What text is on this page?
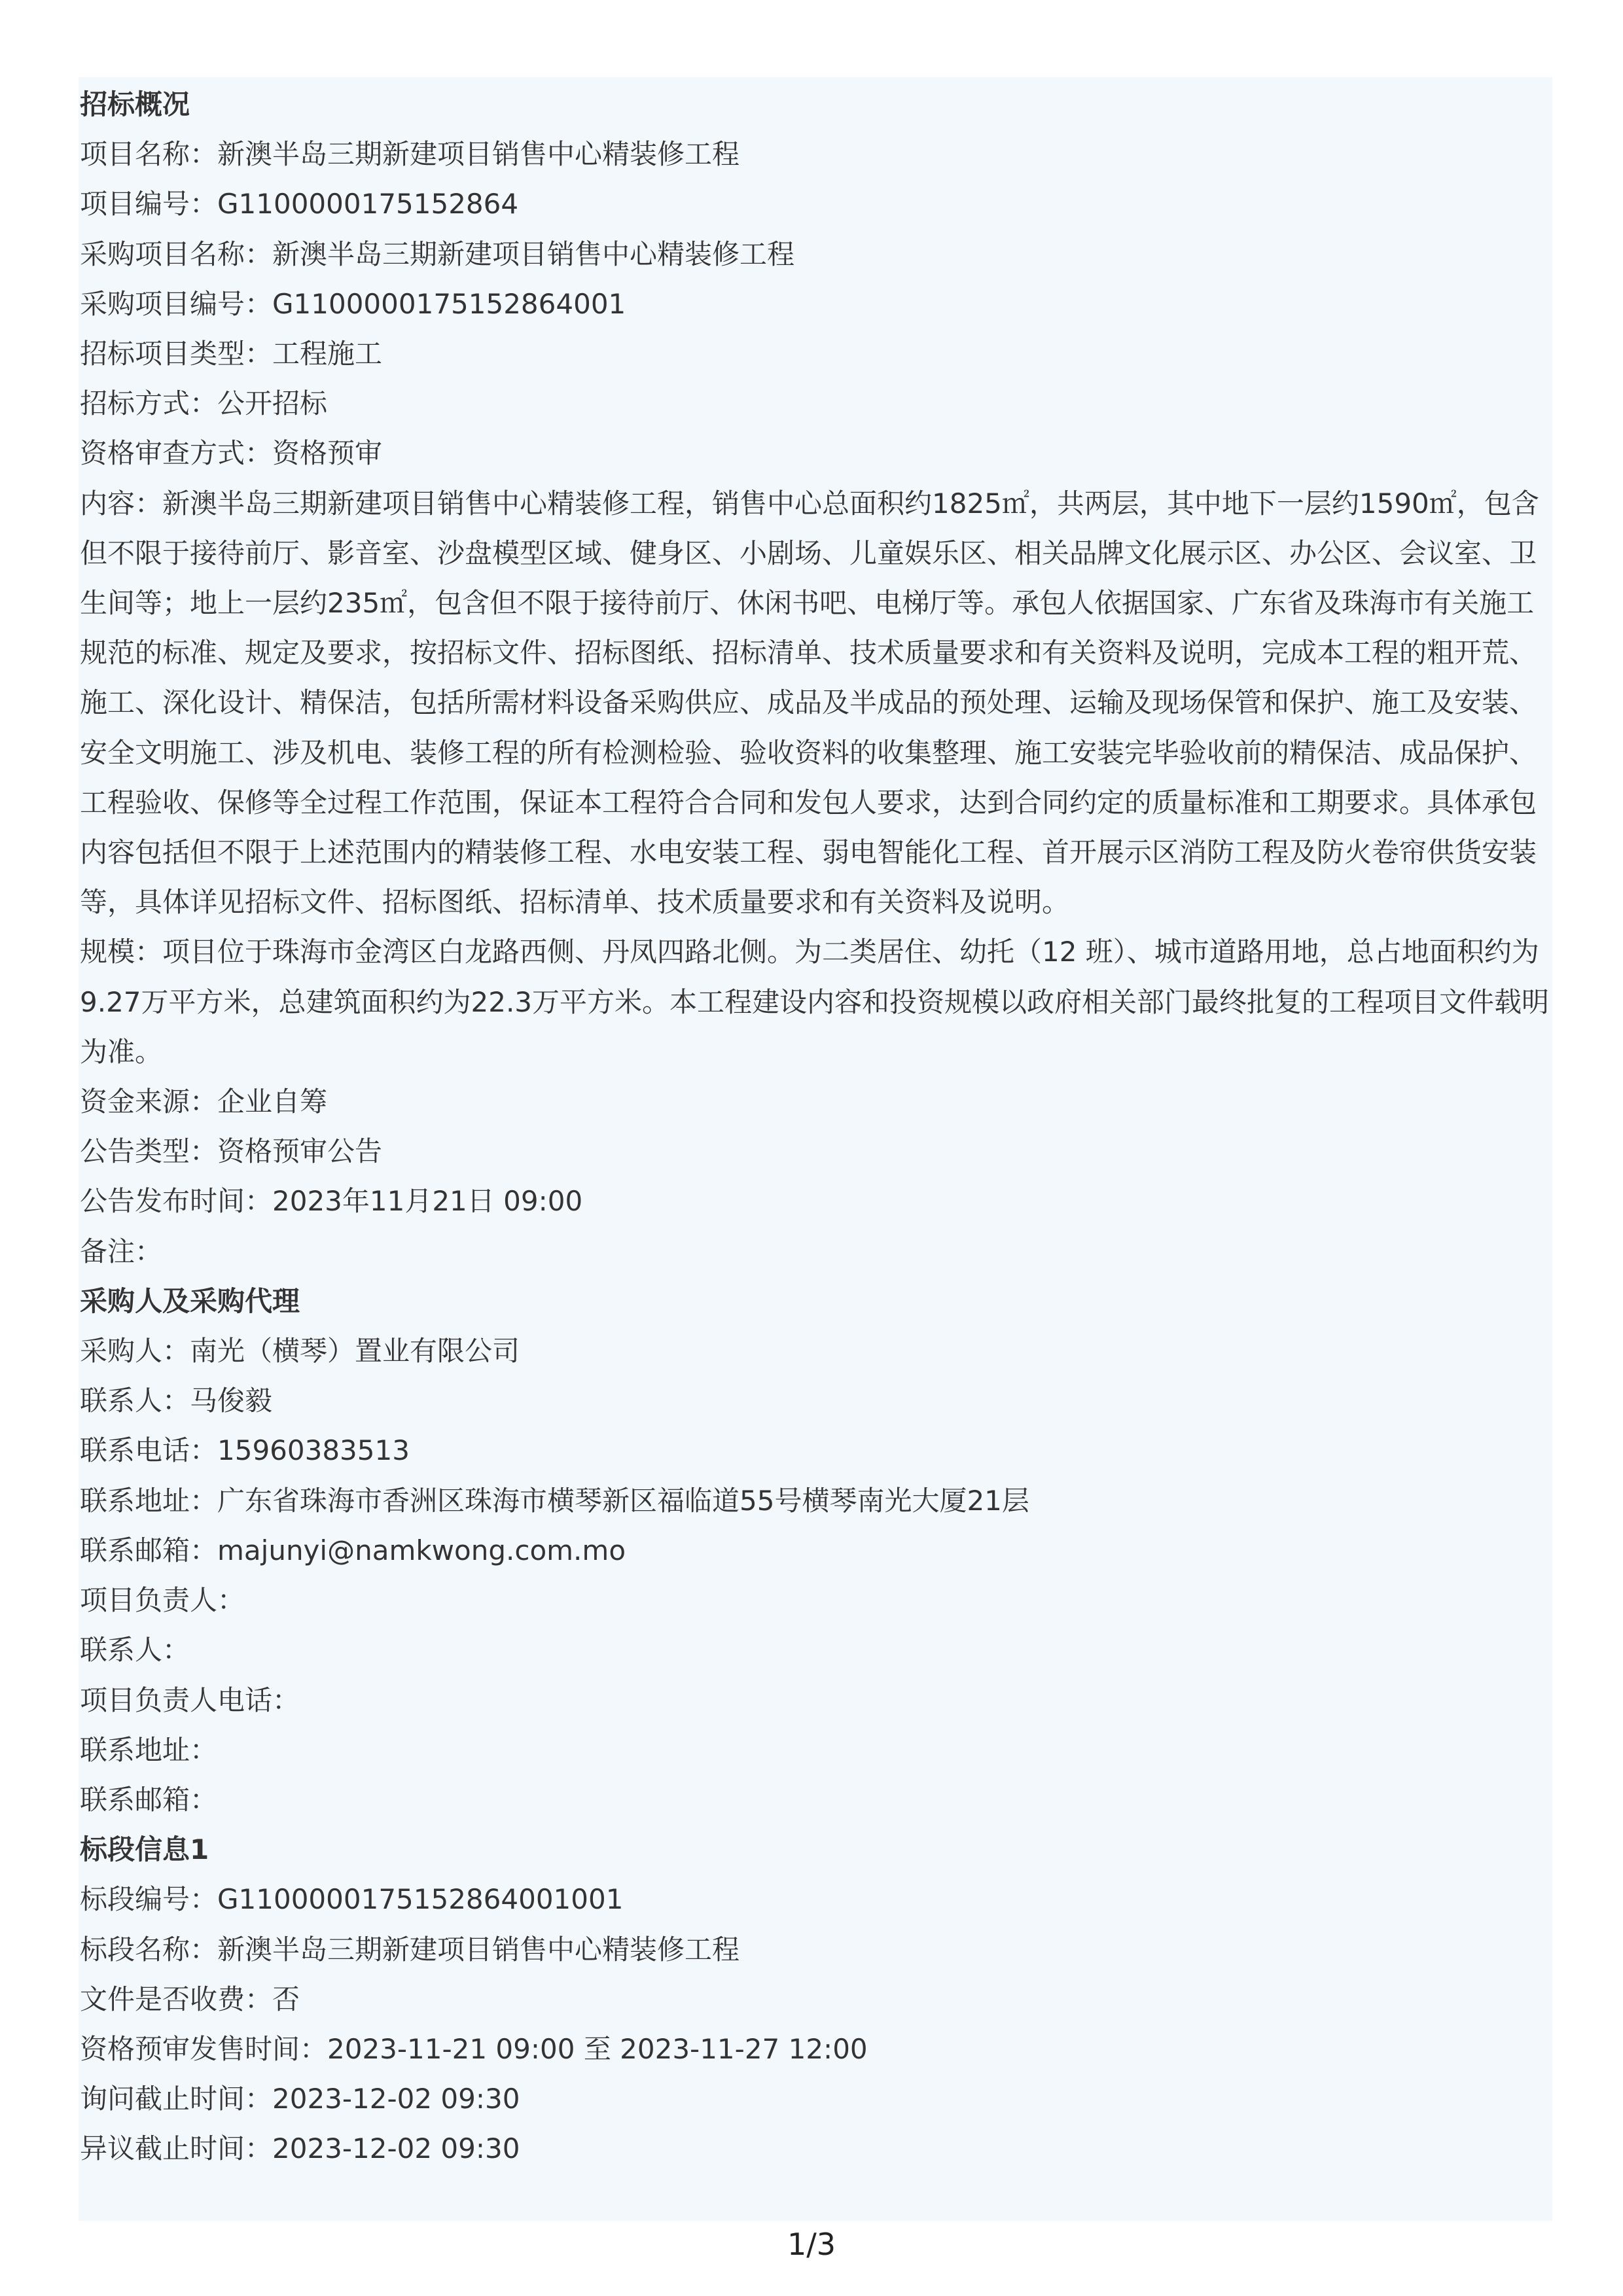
招标概况

项目名称：新澳半岛三期新建项目销售中心精装修工程

项目编号：G1100000175152864

采购项目名称：新澳半岛三期新建项目销售中心精装修工程

采购项目编号：G1100000175152864001

招标项目类型：工程施工

招标方式：公开招标

资格审查方式：资格预审

内容：新澳半岛三期新建项目销售中心精装修工程，销售中心总面积约1825㎡，共两层，其中地下一层约1590㎡，包含但不限于接待前厅、影音室、沙盘模型区域、健身区、小剧场、儿童娱乐区、相关品牌文化展示区、办公区、会议室、卫生间等；地上一层约235㎡，包含但不限于接待前厅、休闲书吧、电梯厅等。承包人依据国家、广东省及珠海市有关施工规范的标准、规定及要求，按招标文件、招标图纸、招标清单、技术质量要求和有关资料及说明，完成本工程的粗开荒、施工、深化设计、精保洁，包括所需材料设备采购供应、成品及半成品的预处理、运输及现场保管和保护、施工及安装、安全文明施工、涉及机电、装修工程的所有检测检验、验收资料的收集整理、施工安装完毕验收前的精保洁、成品保护、工程验收、保修等全过程工作范围，保证本工程符合合同和发包人要求，达到合同约定的质量标准和工期要求。具体承包内容包括但不限于上述范围内的精装修工程、水电安装工程、弱电智能化工程、首开展示区消防工程及防火卷帘供货安装等，具体详见招标文件、招标图纸、招标清单、技术质量要求和有关资料及说明。

规模：项目位于珠海市金湾区白龙路西侧、丹凤四路北侧。为二类居住、幼托（12 班）、城市道路用地，总占地面积约为9.27万平方米，总建筑面积约为22.3万平方米。本工程建设内容和投资规模以政府相关部门最终批复的工程项目文件载明为准。

资金来源：企业自筹

公告类型：资格预审公告

公告发布时间：2023年11月21日 09:00

备注：

采购人及采购代理

采购人：南光（横琴）置业有限公司

联系人：马俊毅

联系电话：15960383513

联系地址：广东省珠海市香洲区珠海市横琴新区福临道55号横琴南光大厦21层

联系邮箱：majunyi@namkwong.com.mo

项目负责人：

联系人：

项目负责人电话：

联系地址：

联系邮箱：

标段信息1

标段编号：G1100000175152864001001

标段名称：新澳半岛三期新建项目销售中心精装修工程

文件是否收费：否

资格预审发售时间：2023-11-21 09:00 至 2023-11-27 12:00

询问截止时间：2023-12-02 09:30

异议截止时间：2023-12-02 09:30

1/3
